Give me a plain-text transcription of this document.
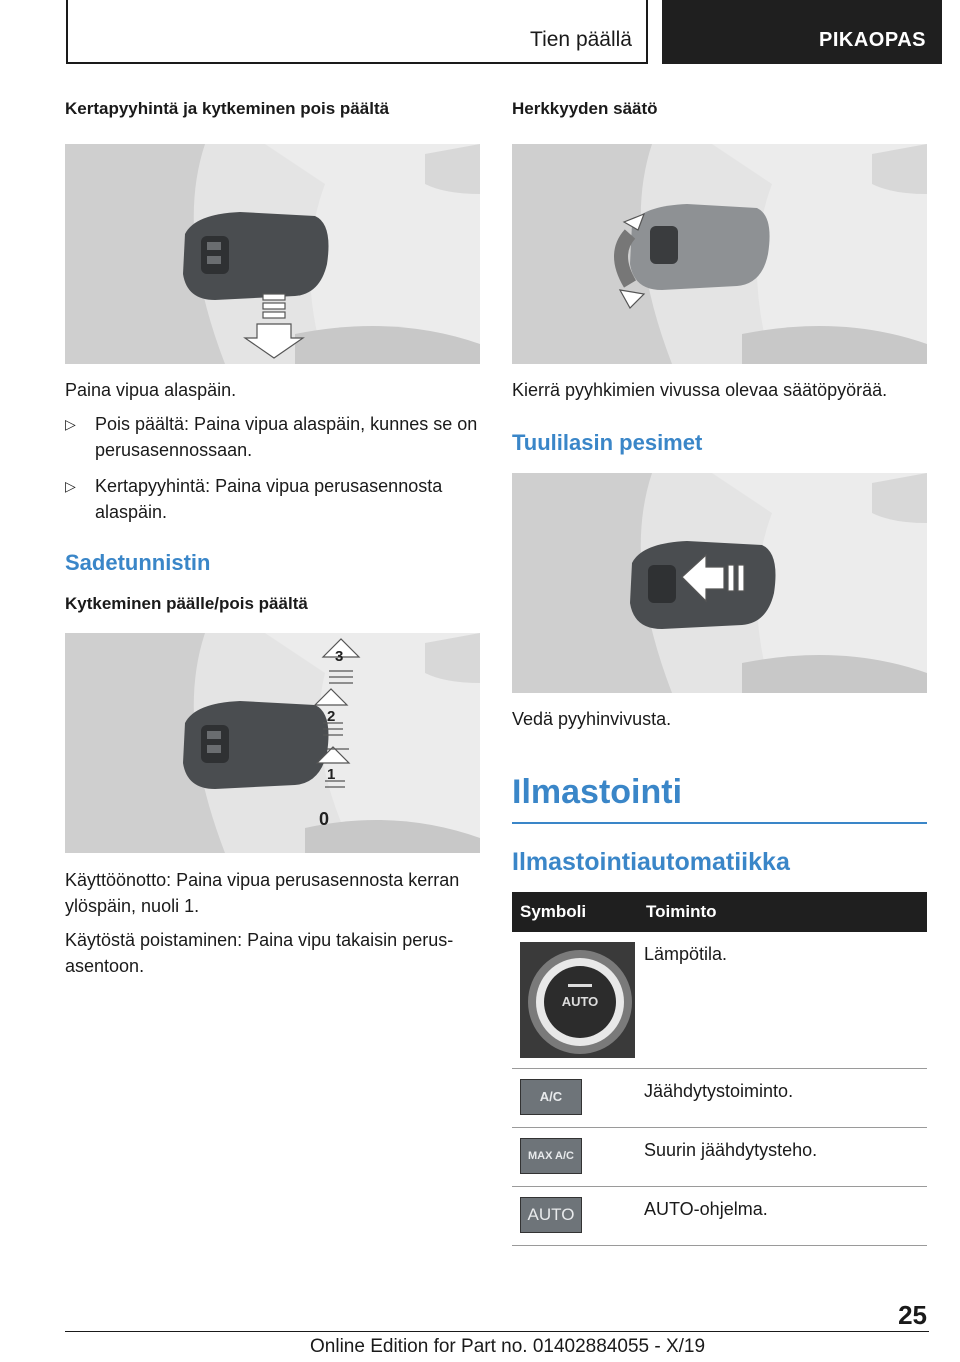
Tien päällä	PIKAOPAS
Kertapyyhintä ja kytkeminen pois päältä

Paina vipua alaspäin.

▷ Pois päältä: Paina vipua alaspäin, kunnes se on perusasennossaan.
▷ Kertapyyhintä: Paina vipua perusasennosta alaspäin.
Sadetunnistin
Kytkeminen päälle/pois päältä
3
2
1
0

Käyttöönotto: Paina vipua perusasennosta kerran ylöspäin, nuoli 1.

Käytöstä poistaminen: Paina vipu takaisin perus-asentoon.

Herkkyyden säätö

Kierrä pyyhkimien vivussa olevaa säätöpyörää.

Tuulilasin pesimet

Vedä pyyhinvivusta.

Ilmastointi
Ilmastointiautomatiikka
Symboli	Toiminto

AUTO	Lämpötila.

A/C	Jäähdytystoiminto.

MAX A/C	Suurin jäähdytysteho.

AUTO	AUTO-ohjelma.
25
Online Edition for Part no. 01402884055 - X/19
